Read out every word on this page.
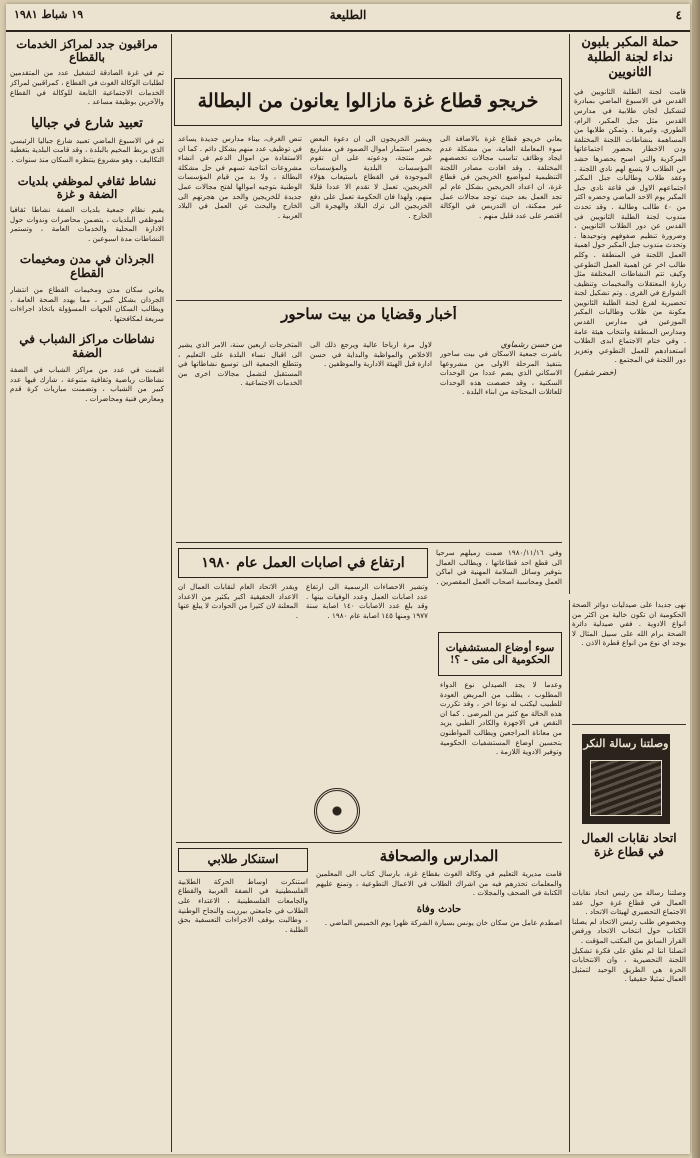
٤
الطليعة
١٩ شباط ١٩٨١
حملة المكبر بلبون نداء لجنة الطلبة الثانويين
قامت لجنة الطلبة الثانويين في القدس في الاسبوع الماضي بمبادرة لتشكيل لجان طلابية في مدارس القدس مثل جبل المكبر، الرام، الطوري، وغيرها . وتمكن طلابها من المساهمة بنشاطات اللجنة المختلفة ودن الاخطار بحضور اجتماعاتها المركزية والتي اصبح يحضرها حشد من الطلاب لا يتسع لهم نادي اللجنة . وعقد طلاب وطالبات جبل المكبر اجتماعهم الاول في قاعة نادي جبل المكبر يوم الاحد الماضي وحضره اكثر من ٤٠ طالب وطالبة . وقد تحدث مندوب لجنة الطلبة الثانويين في القدس عن دور الطلاب الثانويين ، وضرورة تنظيم صفوفهم وتوحيدها . وتحدث مندوب جبل المكبر حول اهمية العمل اللجنة في المنطقة . وكلم طالب اخر عن اهمية العمل التطوعي وكيف تتم النشاطات المختلفة مثل زيارة المعتقلات والمخيمات وتنظيف الشوارع في القرى . وتم تشكيل لجنة تحضيرية لفرع لجنة الطلبة الثانويين مكونة من طلاب وطالبات المكبر الموزعين في مدارس القدس ومدارس المنطقة وانتخاب هيئة عامة . وفي ختام الاجتماع ابدى الطلاب استعدادهم للعمل التطوعي وتعزيز دور اللجنة في المجتمع .
(خضر شقير)
خريجو قطاع غزة مازالوا يعانون من البطالة
يعاني خريجو قطاع غزة بالاضافة الى سوء المعاملة العامة، من مشكلة عدم ايجاد وظائف تناسب مجالات تخصصهم المختلفة . وقد افادت مصادر اللجنة التنظيمية لمواضيع الخريجين في قطاع غزة، ان اعداد الخريجين بشكل عام لم تجد العمل بعد حيث توجد مجالات عمل غير ممكنة، ان التدريس في الوكالة اقتصر على عدد قليل منهم .
ويشير الخريجون الى ان دعوة البعض بحصر استثمار اموال الصمود في مشاريع غير منتجة، ودعوته على ان تقوم المؤسسات البلدية والمؤسسات الموجودة في القطاع باستيعاب هؤلاء الخريجين، تعمل لا تقدم الا عددا قليلا منهم، ولهذا فان الحكومة تعمل على دفع الخريجين الى ترك البلاد والهجرة الى الخارج .
تنص الغرف، بيناء مدارس جديدة يساعد في توظيف عدد منهم بشكل دائم . كما ان الاستفادة من اموال الدعم في انشاء مشروعات انتاجية تسهم في حل مشكلة البطالة ، ولا بد من قيام المؤسسات الوطنية بتوجيه اموالها لفتح مجالات عمل جديدة للخريجين والحد من هجرتهم الى الخارج والبحث عن العمل في البلاد العربية .
أخبار وقضايا من بيت ساحور
من حسن رشماوي
باشرت جمعية الاسكان في بيت ساحور بتنفيذ المرحلة الاولى من مشروعها الاسكاني الذي يضم عددا من الوحدات السكنية ، وقد خصصت هذه الوحدات للعائلات المحتاجة من ابناء البلدة .
لاول مرة ارباحا عالية ويرجع ذلك الى الاخلاص والمواظبة والبداية في حسن ادارة قبل الهيئة الادارية والموظفين .
المتخرجات اربعين سنة، الامر الذي يشير الى اقبال نساء البلدة على التعليم ، وتتطلع الجمعية الى توسيع نشاطاتها في المستقبل لتشمل مجالات اخرى من الخدمات الاجتماعية .
ارتفاع في اصابات العمل عام ١٩٨٠
وتشير الاحصاءات الرسمية الى ارتفاع عدد اصابات العمل وعدد الوفيات بينها . وقد بلغ عدد الاصابات ١٤٠ اصابة سنة ١٩٧٧ ومنها ١٤٥ اصابة عام ١٩٨٠ .
ويقدر الاتحاد العام لنقابات العمال ان الاعداد الحقيقية اكبر بكثير من الاعداد المعلنة لان كثيرا من الحوادث لا يبلغ عنها .
وفي ١٩٨٠/١١/١٦ ضمت زميلهم سرحيا الى قطع احد قطاعاتها ، ويطالب العمال بتوفير وسائل السلامة المهنية في اماكن العمل ومحاسبة اصحاب العمل المقصرين .
سوء أوضاع المستشفيات الحكومية الى متى - ؟!
وعدما لا يجد الصيدلي نوع الدواء المطلوب ، يطلب من المريض العودة للطبيب ليكتب له نوعا اخر ، وقد تكررت هذه الحالة مع كثير من المرضى . كما ان النقص في الاجهزة والكادر الطبي يزيد من معاناة المراجعين ويطالب المواطنون بتحسين اوضاع المستشفيات الحكومية وتوفير الادوية اللازمة .
نهى جديدا على صيدليات دوائر الصحة الحكومية ان تكون خالية من اكثر من انواع الادوية . ففي صيدلية دائرة الصحة برام الله على سبيل المثال لا يوجد اي نوع من انواع قطرة الاذن .
المدارس والصحافة
قامت مديرية التعليم في وكالة الغوث بقطاع غزة، بارسال كتاب الى المعلمين والمعلمات تحذرهم فيه من اشراك الطلاب في الاعمال التطوعية ، وتمنع عليهم الكتابة في الصحف والمجلات .
حادث وفاة
اصطدم عامل من سكان خان يونس بسيارة الشركة ظهرا يوم الخميس الماضي .
استنكار طلابي
استنكرت اوساط الحركة الطلابية الفلسطينية في الضفة الغربية والقطاع والجامعات الفلسطينية ، الاعتداء على الطلاب في جامعتي بيرزيت والنجاح الوطنية ، وطالبت بوقف الاجراءات التعسفية بحق الطلبة .
وصلتنا رسالة النكر
اتحاد نقابات العمال في قطاع غزة
وصلتنا رسالة من رئيس اتحاد نقابات العمال في قطاع غزة حول عقد الاجتماع التحضيري لهيئات الاتحاد .
وبخصوص طلب رئيس الاتحاد لم يصلنا الكتاب حول انتخاب الاتحاد ورفض القرار السابق من المكتب المؤقت .
اتصلنا اننا لم نعلق على فكرة تشكيل اللجنة التحضيرية ، وان الانتخابات الحرة هي الطريق الوحيد لتمثيل العمال تمثيلا حقيقيا .
مراقبون جدد لمراكز الخدمات بالقطاع
تم في غزة الصادقة لتشغيل عدد من المتقدمين لطلبات الوكالة الغوث في القطاع ، كمراقبين لمراكز الخدمات الاجتماعية التابعة للوكالة في القطاع والآخرين بوظيفة مساعد .
تعبيد شارع في جباليا
تم في الاسبوع الماضي تعبيد شارع جباليا الرئيسي الذي يربط المخيم بالبلدة ، وقد قامت البلدية بتغطية التكاليف ، وهو مشروع ينتظره السكان منذ سنوات .
نشاط ثقافي لموظفي بلديات الضفة و غزة
يقيم نظام جمعية بلديات الضفة نشاطا ثقافيا لموظفي البلديات ، يتضمن محاضرات وندوات حول الادارة المحلية والخدمات العامة ، وتستمر النشاطات مدة اسبوعين .
الجرذان في مدن ومخيمات القطاع
يعاني سكان مدن ومخيمات القطاع من انتشار الجرذان بشكل كبير ، مما يهدد الصحة العامة ، ويطالب السكان الجهات المسؤولة باتخاذ اجراءات سريعة لمكافحتها .
نشاطات مراكز الشباب في الضفة
اقيمت في عدد من مراكز الشباب في الضفة نشاطات رياضية وثقافية متنوعة ، شارك فيها عدد كبير من الشباب ، وتضمنت مباريات كرة قدم ومعارض فنية ومحاضرات .
